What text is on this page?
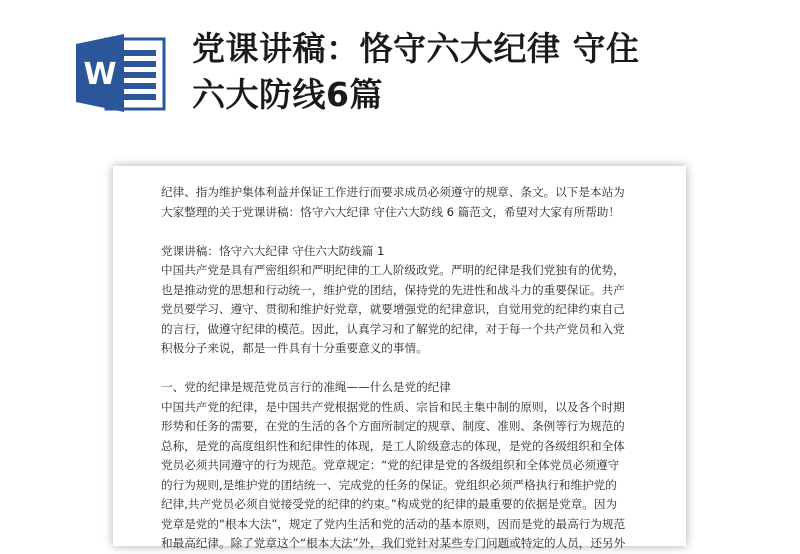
W
党课讲稿：恪守六大纪律 守住
六大防线6篇

纪律、指为维护集体利益并保证工作进行而要求成员必须遵守的规章、条文。以下是本站为

大家整理的关于党课讲稿：恪守六大纪律 守住六大防线 6 篇范文，希望对大家有所帮助！

党课讲稿：恪守六大纪律 守住六大防线篇 1

中国共产党是具有严密组织和严明纪律的工人阶级政党。严明的纪律是我们党独有的优势，

也是推动党的思想和行动统一，维护党的团结，保持党的先进性和战斗力的重要保证。共产

党员要学习、遵守、贯彻和维护好党章，就要增强党的纪律意识，自觉用党的纪律约束自己

的言行，做遵守纪律的模范。因此，认真学习和了解党的纪律，对于每一个共产党员和入党

积极分子来说，都是一件具有十分重要意义的事情。

一、党的纪律是规范党员言行的准绳——什么是党的纪律

中国共产党的纪律，是中国共产党根据党的性质、宗旨和民主集中制的原则，以及各个时期

形势和任务的需要，在党的生活的各个方面所制定的规章、制度、准则、条例等行为规范的

总称，是党的高度组织性和纪律性的体现，是工人阶级意志的体现，是党的各级组织和全体

党员必须共同遵守的行为规范。党章规定：“党的纪律是党的各级组织和全体党员必须遵守

的行为规则,是维护党的团结统一、完成党的任务的保证。党组织必须严格执行和维护党的

纪律,共产党员必须自觉接受党的纪律的约束。”构成党的纪律的最重要的依据是党章。因为

党章是党的“根本大法”，规定了党内生活和党的活动的基本原则，因而是党的最高行为规范

和最高纪律。除了党章这个“根本大法”外，我们党针对某些专门问题或特定的人员，还另外
